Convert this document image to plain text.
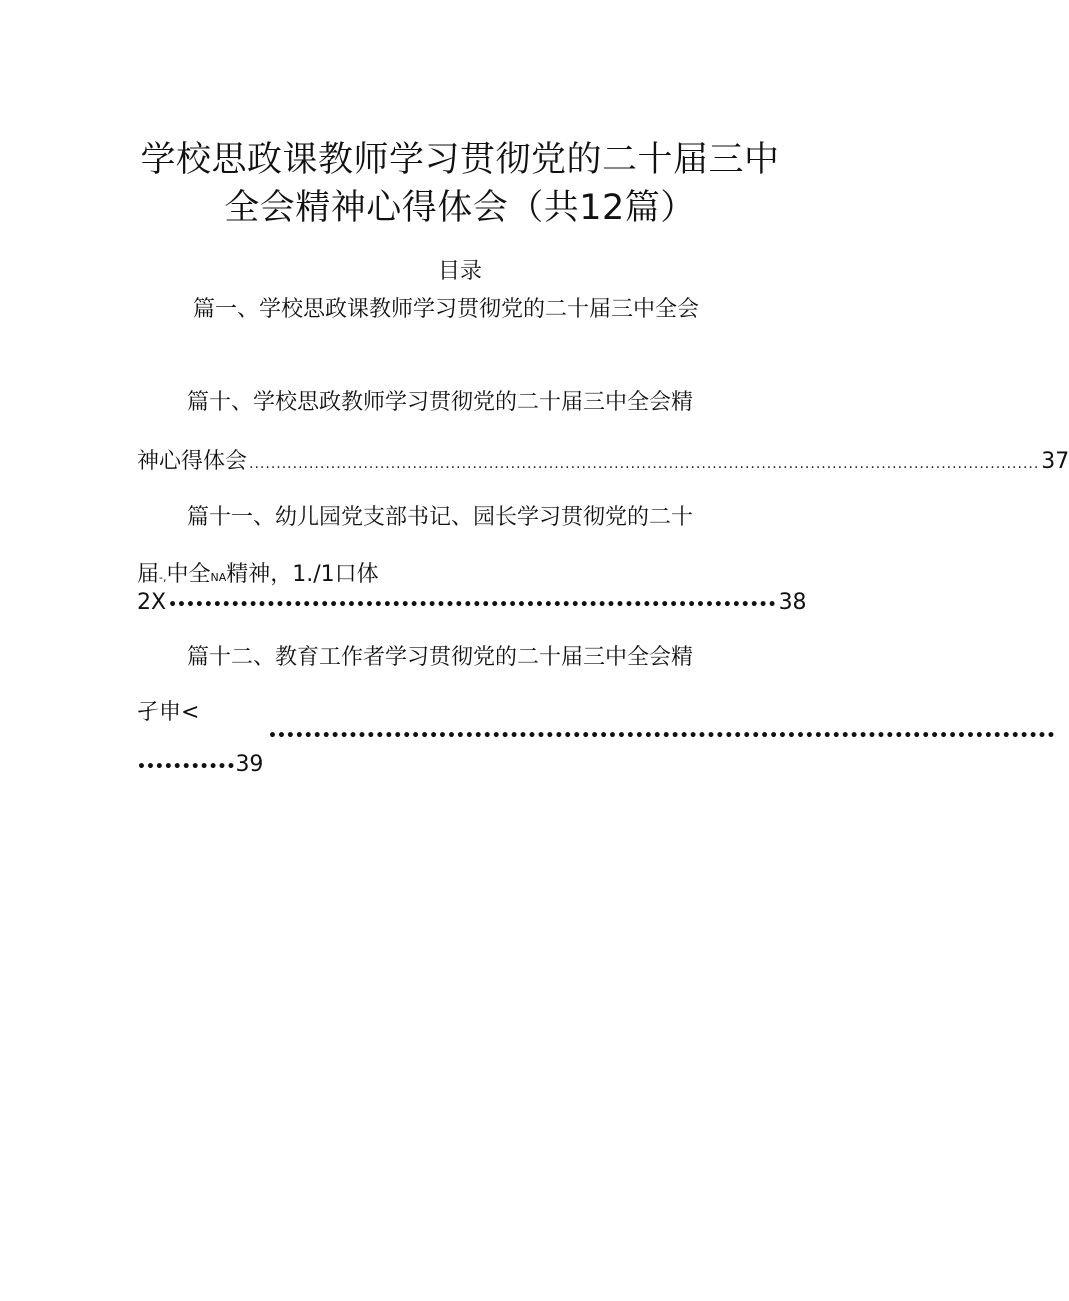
学校思政课教师学习贯彻党的二十届三中
全会精神心得体会（共12篇）
目录
篇一、学校思政课教师学习贯彻党的二十届三中全会
篇十、学校思政教师学习贯彻党的二十届三中全会精
神心得体会 ................................................................................................................................................. 37
篇十一、幼儿园党支部书记、园长学习贯彻党的二十
届-,中全NA精神，1./1口体
2X •••••••••••••••••••••••••••••••••••••••••••••••••••••••••••••••••••• 38
篇十二、教育工作者学习贯彻党的二十届三中全会精
孑申<
••••••••••••••••••••••••••••••••••••••••••••••••••••••••••••••••••••••••••••••••••••••••
••••••••••• 39
